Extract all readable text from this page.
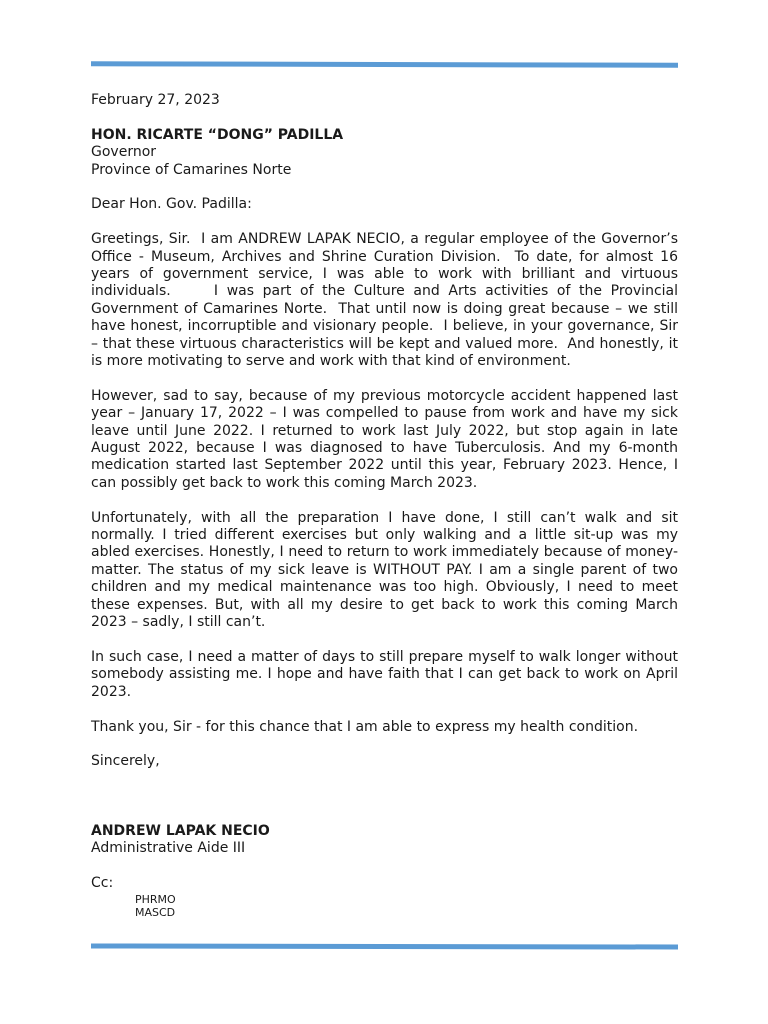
February 27, 2023

HON. RICARTE “DONG” PADILLA

Governor

Province of Camarines Norte

Dear Hon. Gov. Padilla:

Greetings, Sir.  I am ANDREW LAPAK NECIO, a regular employee of the Governor’s Office - Museum, Archives and Shrine Curation Division.  To date, for almost 16 years of government service, I was able to work with brilliant and virtuous individuals.     I was part of the Culture and Arts activities of the Provincial Government of Camarines Norte.  That until now is doing great because – we still have honest, incorruptible and visionary people.  I believe, in your governance, Sir – that these virtuous characteristics will be kept and valued more.  And honestly, it is more motivating to serve and work with that kind of environment.

However, sad to say, because of my previous motorcycle accident happened last year – January 17, 2022 – I was compelled to pause from work and have my sick leave until June 2022. I returned to work last July 2022, but stop again in late August 2022, because I was diagnosed to have Tuberculosis. And my 6-month medication started last September 2022 until this year, February 2023. Hence, I can possibly get back to work this coming March 2023.

Unfortunately, with all the preparation I have done, I still can’t walk and sit normally. I tried different exercises but only walking and a little sit-up was my abled exercises. Honestly, I need to return to work immediately because of money-matter. The status of my sick leave is WITHOUT PAY. I am a single parent of two children and my medical maintenance was too high. Obviously, I need to meet these expenses. But, with all my desire to get back to work this coming March 2023 – sadly, I still can’t.

In such case, I need a matter of days to still prepare myself to walk longer without somebody assisting me. I hope and have faith that I can get back to work on April 2023.

Thank you, Sir - for this chance that I am able to express my health condition.

Sincerely,

ANDREW LAPAK NECIO

Administrative Aide III

Cc:

PHRMO
MASCD
